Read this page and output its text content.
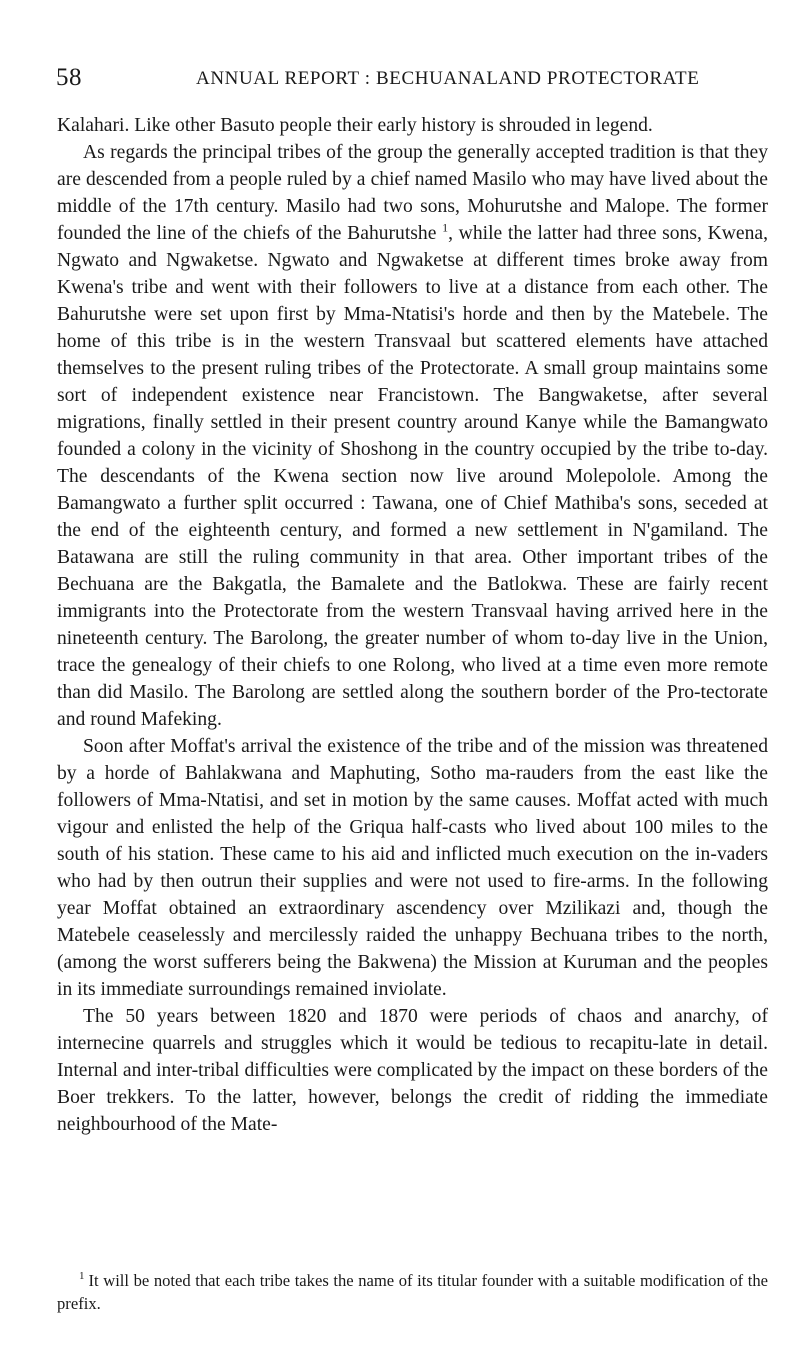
58	ANNUAL REPORT : BECHUANALAND PROTECTORATE

Kalahari. Like other Basuto people their early history is shrouded in legend.

As regards the principal tribes of the group the generally accepted tradition is that they are descended from a people ruled by a chief named Masilo who may have lived about the middle of the 17th century. Masilo had two sons, Mohurutshe and Malope. The former founded the line of the chiefs of the Bahurutshe $^1$, while the latter had three sons, Kwena, Ngwato and Ngwaketse. Ngwato and Ngwaketse at different times broke away from Kwena's tribe and went with their followers to live at a distance from each other. The Bahurutshe were set upon first by Mma-Ntatisi's horde and then by the Matebele. The home of this tribe is in the western Transvaal but scattered elements have attached themselves to the present ruling tribes of the Protectorate. A small group maintains some sort of independent existence near Francistown. The Bangwaketse, after several migrations, finally settled in their present country around Kanye while the Bamangwato founded a colony in the vicinity of Shoshong in the country occupied by the tribe to-day. The descendants of the Kwena section now live around Molepolole. Among the Bamangwato a further split occurred : Tawana, one of Chief Mathiba's sons, seceded at the end of the eighteenth century, and formed a new settlement in N'gamiland. The Batawana are still the ruling community in that area. Other important tribes of the Bechuana are the Bakgatla, the Bamalete and the Batlokwa. These are fairly recent immigrants into the Protectorate from the western Transvaal having arrived here in the nineteenth century. The Barolong, the greater number of whom to-day live in the Union, trace the genealogy of their chiefs to one Rolong, who lived at a time even more remote than did Masilo. The Barolong are settled along the southern border of the Pro-tectorate and round Mafeking.

Soon after Moffat's arrival the existence of the tribe and of the mission was threatened by a horde of Bahlakwana and Maphuting, Sotho ma-rauders from the east like the followers of Mma-Ntatisi, and set in motion by the same causes. Moffat acted with much vigour and enlisted the help of the Griqua half-casts who lived about 100 miles to the south of his station. These came to his aid and inflicted much execution on the in-vaders who had by then outrun their supplies and were not used to fire-arms. In the following year Moffat obtained an extraordinary ascendency over Mzilikazi and, though the Matebele ceaselessly and mercilessly raided the unhappy Bechuana tribes to the north, (among the worst sufferers being the Bakwena) the Mission at Kuruman and the peoples in its immediate surroundings remained inviolate.

The 50 years between 1820 and 1870 were periods of chaos and anarchy, of internecine quarrels and struggles which it would be tedious to recapitu-late in detail. Internal and inter-tribal difficulties were complicated by the impact on these borders of the Boer trekkers. To the latter, however, belongs the credit of ridding the immediate neighbourhood of the Mate-

$^1$ It will be noted that each tribe takes the name of its titular founder with a suitable modification of the prefix.
